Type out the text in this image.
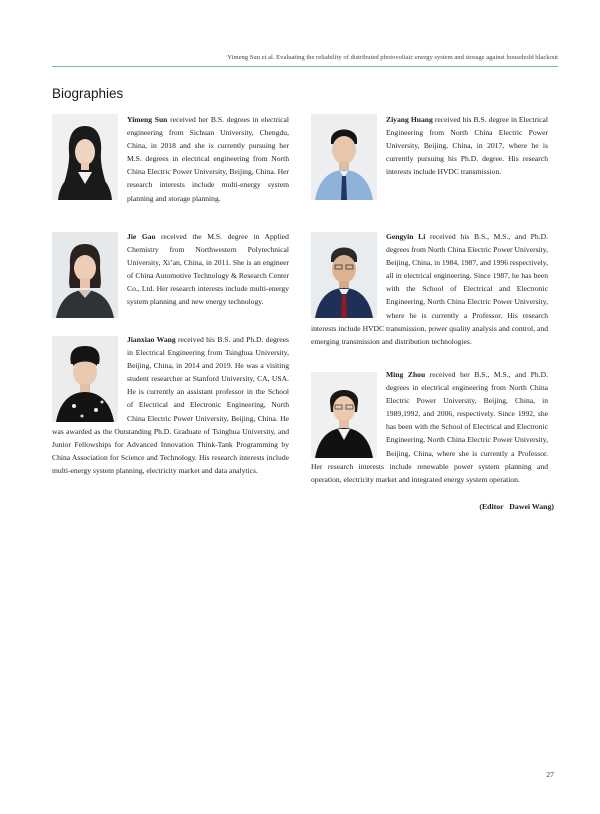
Yimeng Sun et al. Evaluating the reliability of distributed photovoltaic energy system and storage against household blackout
Biographies

Yimeng Sun received her B.S. degrees in electrical engineering from Sichuan University, Chengdu, China, in 2018 and she is currently pursuing her M.S. degrees in electrical engineering from North China Electric Power University, Beijing, China. Her research interests include multi-energy system planning and storage planning.

Jie Gao received the M.S. degree in Applied Chemistry from Northwestern Polytechnical University, Xi’an, China, in 2011. She is an engineer of China Automotive Technology & Research Center Co., Ltd. Her research interests include multi-energy system planning and new energy technology.

Jianxiao Wang received his B.S. and Ph.D. degrees in Electrical Engineering from Tsinghua University, Beijing, China, in 2014 and 2019. He was a visiting student researcher at Stanford University, CA, USA. He is currently an assistant professor in the School of Electrical and Electronic Engineering, North China Electric Power University, Beijing, China. He was awarded as the Outstanding Ph.D. Graduate of Tsinghua University, and Junior Fellowships for Advanced Innovation Think-Tank Programming by China Association for Science and Technology. His research interests include multi-energy system planning, electricity market and data analytics.

Ziyang Huang received his B.S. degree in Electrical Engineering from North China Electric Power University, Beijing, China, in 2017, where he is currently pursuing his Ph.D. degree. His research interests include HVDC transmission.

Gengyin Li received his B.S., M.S., and Ph.D. degrees from North China Electric Power University, Beijing, China, in 1984, 1987, and 1996 respectively, all in electrical engineering. Since 1987, he has been with the School of Electrical and Electronic Engineering, North China Electric Power University, where he is currently a Professor. His research interests include HVDC transmission, power quality analysis and control, and emerging transmission and distribution technologies.

Ming Zhou received her B.S., M.S., and Ph.D. degrees in electrical engineering from North China Electric Power University, Beijing, China, in 1989,1992, and 2006, respectively. Since 1992, she has been with the School of Electrical and Electronic Engineering, North China Electric Power University, Beijing, China, where she is currently a Professor. Her research interests include renewable power system planning and operation, electricity market and integrated energy system operation.

(Editor   Dawei Wang)
27
